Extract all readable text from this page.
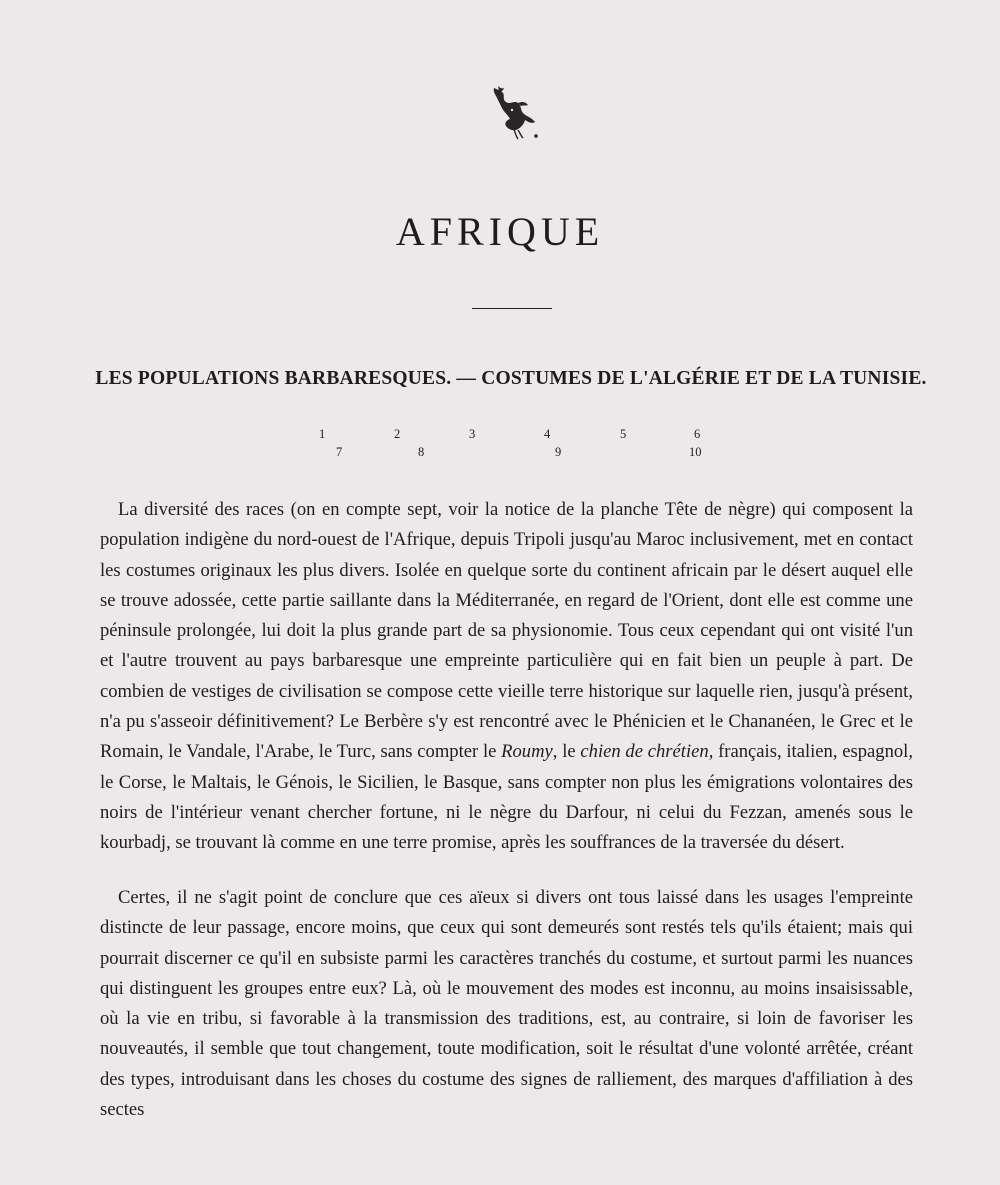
AFRIQUE
LES POPULATIONS BARBARESQUES. — COSTUMES DE L'ALGÉRIE ET DE LA TUNISIE.
1	2	3	4	5	6
7	8	9	10

La diversité des races (on en compte sept, voir la notice de la planche Tête de nègre) qui composent la population indigène du nord-ouest de l'Afrique, depuis Tripoli jusqu'au Maroc inclusivement, met en contact les costumes originaux les plus divers. Isolée en quelque sorte du continent africain par le désert auquel elle se trouve adossée, cette partie saillante dans la Méditerranée, en regard de l'Orient, dont elle est comme une péninsule prolongée, lui doit la plus grande part de sa physionomie. Tous ceux cependant qui ont visité l'un et l'autre trouvent au pays barbaresque une empreinte particulière qui en fait bien un peuple à part. De combien de vestiges de civilisation se compose cette vieille terre historique sur laquelle rien, jusqu'à présent, n'a pu s'asseoir définitivement? Le Berbère s'y est rencontré avec le Phénicien et le Chananéen, le Grec et le Romain, le Vandale, l'Arabe, le Turc, sans compter le Roumy, le chien de chrétien, français, italien, espagnol, le Corse, le Maltais, le Génois, le Sicilien, le Basque, sans compter non plus les émigrations volontaires des noirs de l'intérieur venant chercher fortune, ni le nègre du Darfour, ni celui du Fezzan, amenés sous le kourbadj, se trouvant là comme en une terre promise, après les souffrances de la traversée du désert.

Certes, il ne s'agit point de conclure que ces aïeux si divers ont tous laissé dans les usages l'empreinte distincte de leur passage, encore moins, que ceux qui sont demeurés sont restés tels qu'ils étaient; mais qui pourrait discerner ce qu'il en subsiste parmi les caractères tranchés du costume, et surtout parmi les nuances qui distinguent les groupes entre eux? Là, où le mouvement des modes est inconnu, au moins insaisissable, où la vie en tribu, si favorable à la transmission des traditions, est, au contraire, si loin de favoriser les nouveautés, il semble que tout changement, toute modification, soit le résultat d'une volonté arrêtée, créant des types, introduisant dans les choses du costume des signes de ralliement, des marques d'affiliation à des sectes
